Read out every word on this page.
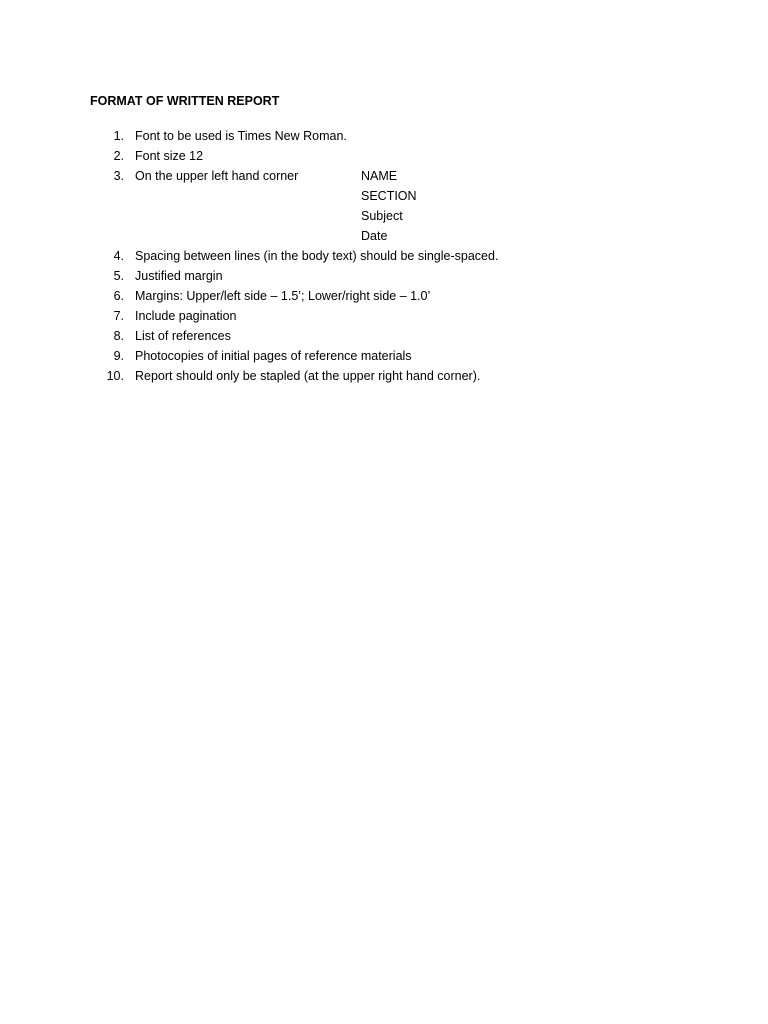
FORMAT OF WRITTEN REPORT
1. Font to be used is Times New Roman.
2. Font size 12
3. On the upper left hand corner	NAME
SECTION
Subject
Date
4. Spacing between lines (in the body text) should be single-spaced.
5. Justified margin
6. Margins: Upper/left side – 1.5’; Lower/right side – 1.0’
7. Include pagination
8. List of references
9. Photocopies of initial pages of reference materials
10. Report should only be stapled (at the upper right hand corner).
